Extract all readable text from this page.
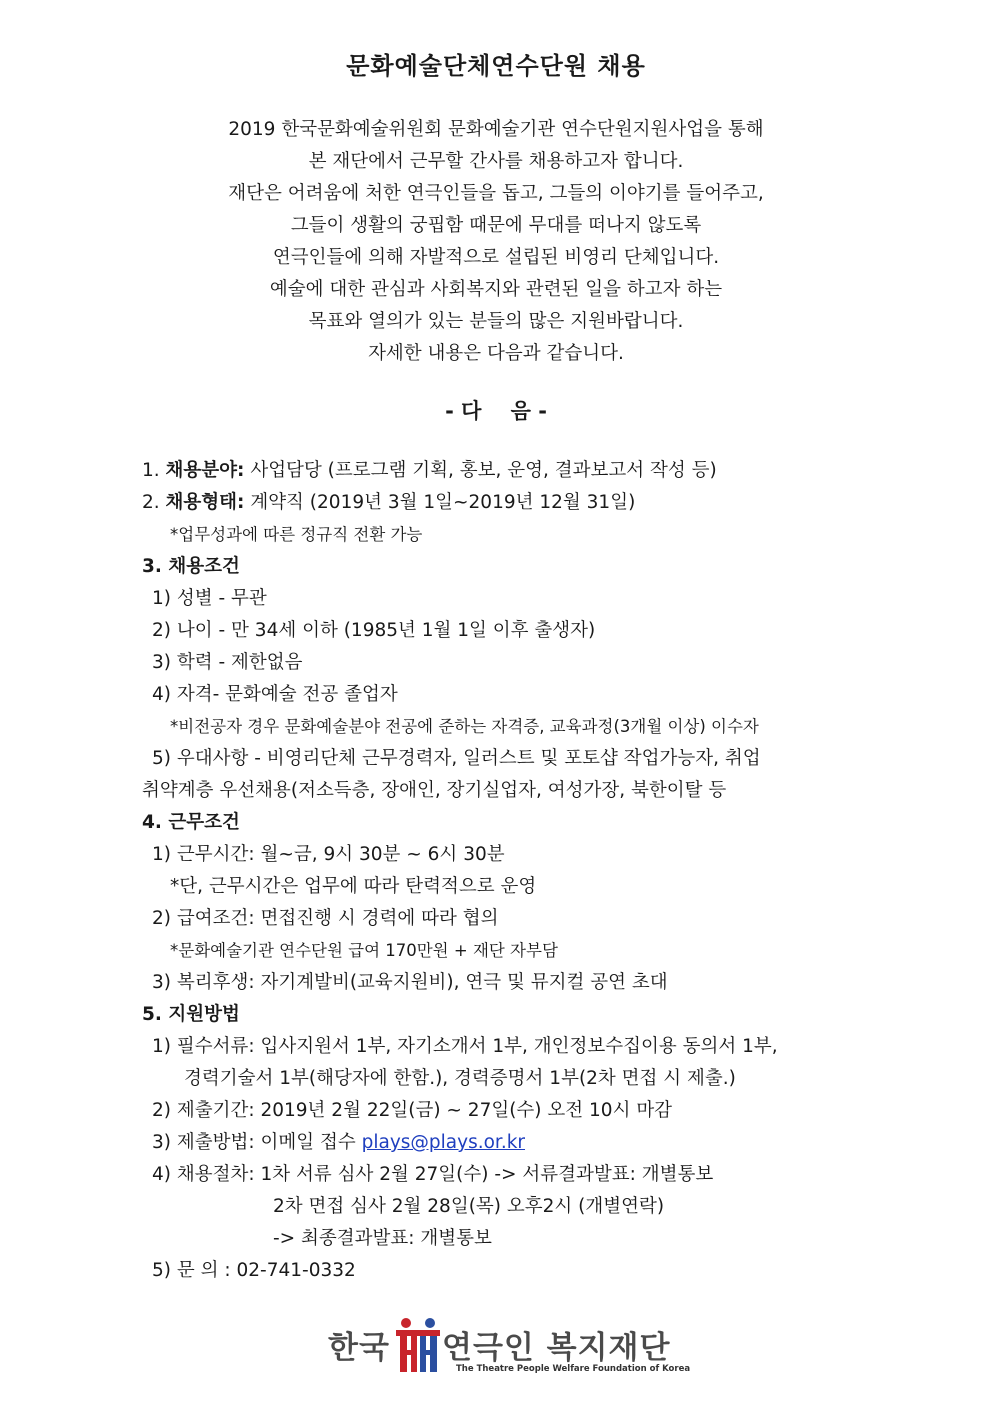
문화예술단체연수단원 채용
2019 한국문화예술위원회 문화예술기관 연수단원지원사업을 통해
본 재단에서 근무할 간사를 채용하고자 합니다.
재단은 어려움에 처한 연극인들을 돕고, 그들의 이야기를 들어주고,
그들이 생활의 궁핍함 때문에 무대를 떠나지 않도록
연극인들에 의해 자발적으로 설립된 비영리 단체입니다.
예술에 대한 관심과 사회복지와 관련된 일을 하고자 하는
목표와 열의가 있는 분들의 많은 지원바랍니다.
자세한 내용은 다음과 같습니다.
- 다    음 -
1. 채용분야: 사업담당 (프로그램 기획, 홍보, 운영, 결과보고서 작성 등)
2. 채용형태: 계약직 (2019년 3월 1일~2019년 12월 31일)
*업무성과에 따른 정규직 전환 가능
3. 채용조건
1) 성별 - 무관
2) 나이 - 만 34세 이하 (1985년 1월 1일 이후 출생자)
3) 학력 - 제한없음
4) 자격- 문화예술 전공 졸업자
*비전공자 경우 문화예술분야 전공에 준하는 자격증, 교육과정(3개월 이상) 이수자
5) 우대사항 - 비영리단체 근무경력자, 일러스트 및 포토샵 작업가능자, 취업
취약계층 우선채용(저소득층, 장애인, 장기실업자, 여성가장, 북한이탈 등
4. 근무조건
1) 근무시간: 월~금, 9시 30분 ~ 6시 30분
*단, 근무시간은 업무에 따라 탄력적으로 운영
2) 급여조건: 면접진행 시 경력에 따라 협의
*문화예술기관 연수단원 급여 170만원 + 재단 자부담
3) 복리후생: 자기계발비(교육지원비), 연극 및 뮤지컬 공연 초대
5. 지원방법
1) 필수서류: 입사지원서 1부, 자기소개서 1부, 개인정보수집이용 동의서 1부,
경력기술서 1부(해당자에 한함.), 경력증명서 1부(2차 면접 시 제출.)
2) 제출기간: 2019년 2월 22일(금) ~ 27일(수) 오전 10시 마감
3) 제출방법: 이메일 접수 plays@plays.or.kr
4) 채용절차: 1차 서류 심사 2월 27일(수) -> 서류결과발표: 개별통보
2차 면접 심사 2월 28일(목) 오후2시 (개별연락)
-> 최종결과발표: 개별통보
5) 문 의 : 02-741-0332
한국 연극인 복지재단
The Theatre People Welfare Foundation of Korea
